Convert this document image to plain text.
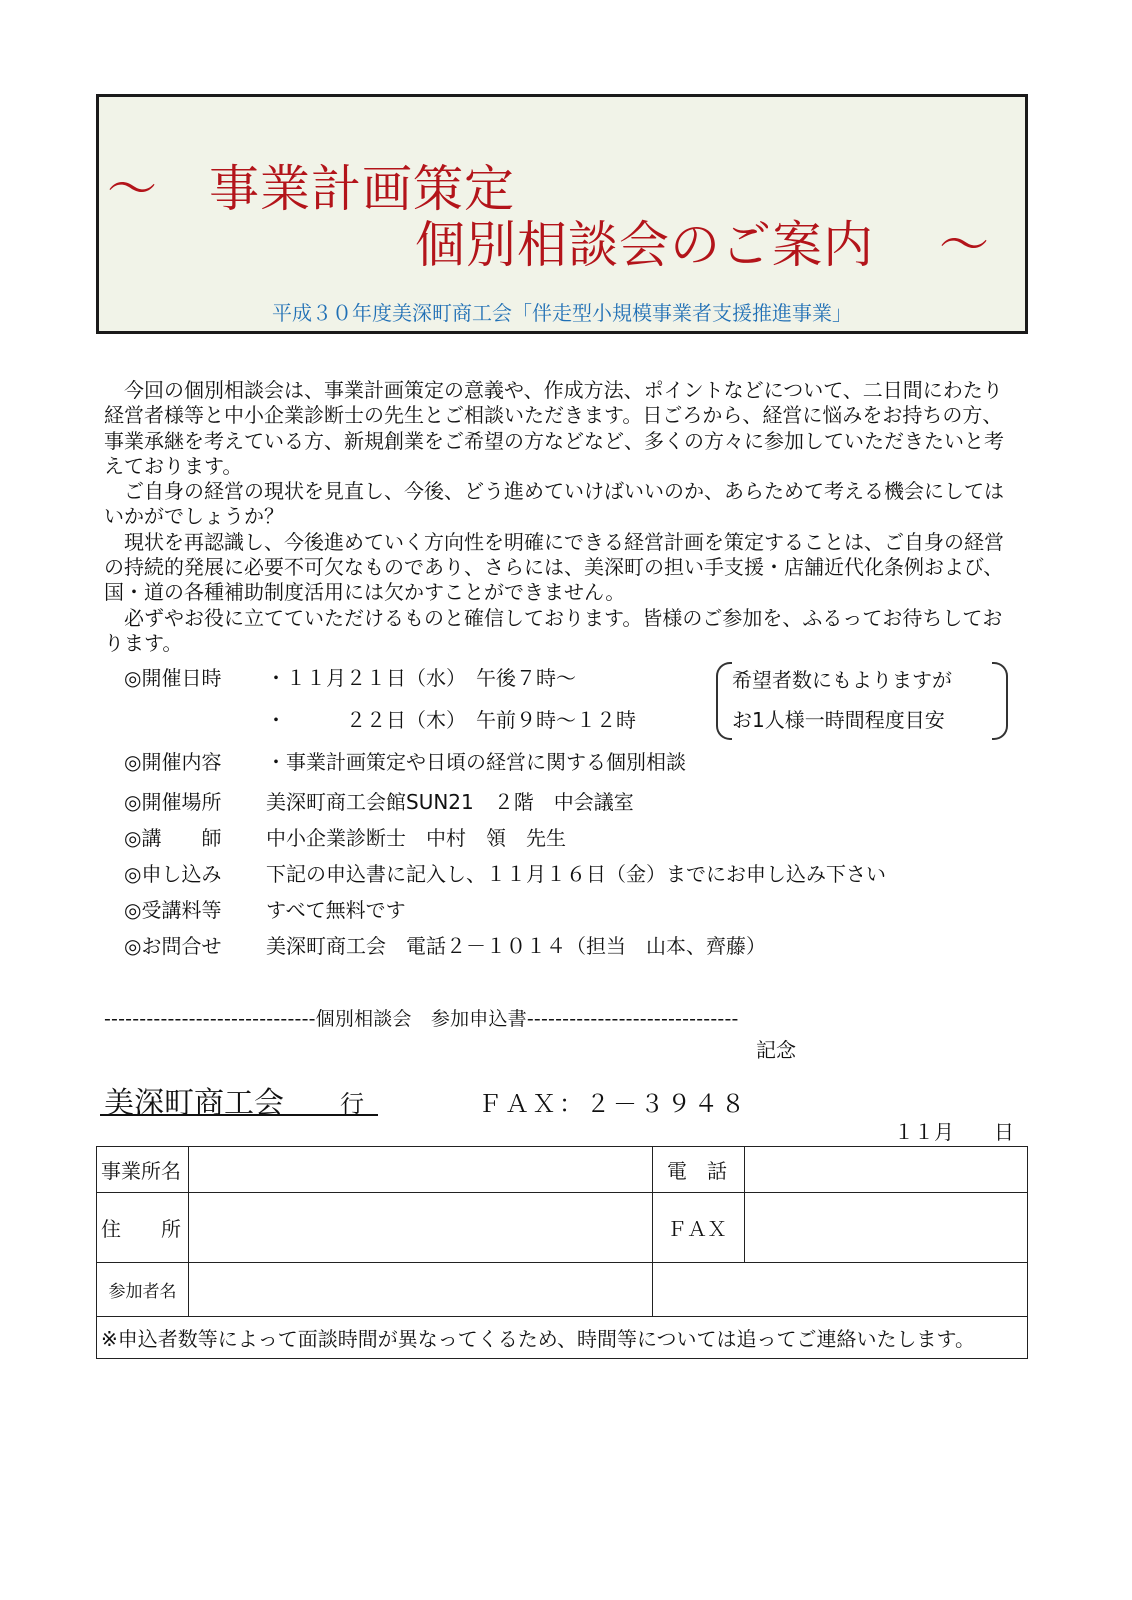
～　事業計画策定
個別相談会のご案内 ～
平成３０年度美深町商工会「伴走型小規模事業者支援推進事業」

今回の個別相談会は、事業計画策定の意義や、作成方法、ポイントなどについて、二日間にわたり経営者様等と中小企業診断士の先生とご相談いただきます。日ごろから、経営に悩みをお持ちの方、事業承継を考えている方、新規創業をご希望の方などなど、多くの方々に参加していただきたいと考えております。

ご自身の経営の現状を見直し、今後、どう進めていけばいいのか、あらためて考える機会にしてはいかがでしょうか？

現状を再認識し、今後進めていく方向性を明確にできる経営計画を策定することは、ご自身の経営の持続的発展に必要不可欠なものであり、さらには、美深町の担い手支援・店舗近代化条例および、国・道の各種補助制度活用には欠かすことができません。

必ずやお役に立てていただけるものと確信しております。皆様のご参加を、ふるってお待ちしております。

◎開催日時 ・１１月２１日（水）　午後７時～
・　　　２２日（木）　午前９時～１２時
希望者数にもよりますが
お1人様一時間程度目安
◎開催内容 ・事業計画策定や日頃の経営に関する個別相談
◎開催場所 美深町商工会館SUN21　２階　中会議室
◎講　　師 中小企業診断士　中村　領　先生
◎申し込み 下記の申込書に記入し、１１月１６日（金）までにお申し込み下さい
◎受講料等 すべて無料です
◎お問合せ 美深町商工会　電話２－１０１４（担当　山本、齊藤）
------------------------------個別相談会　参加申込書------------------------------
記念
美深町商工会 行	ＦＡＸ：２－３９４８
１１月　　日
事業所名		電　話	
住　　所		ＦＡＸ	
参加者名			
※申込者数等によって面談時間が異なってくるため、時間等については追ってご連絡いたします。			
